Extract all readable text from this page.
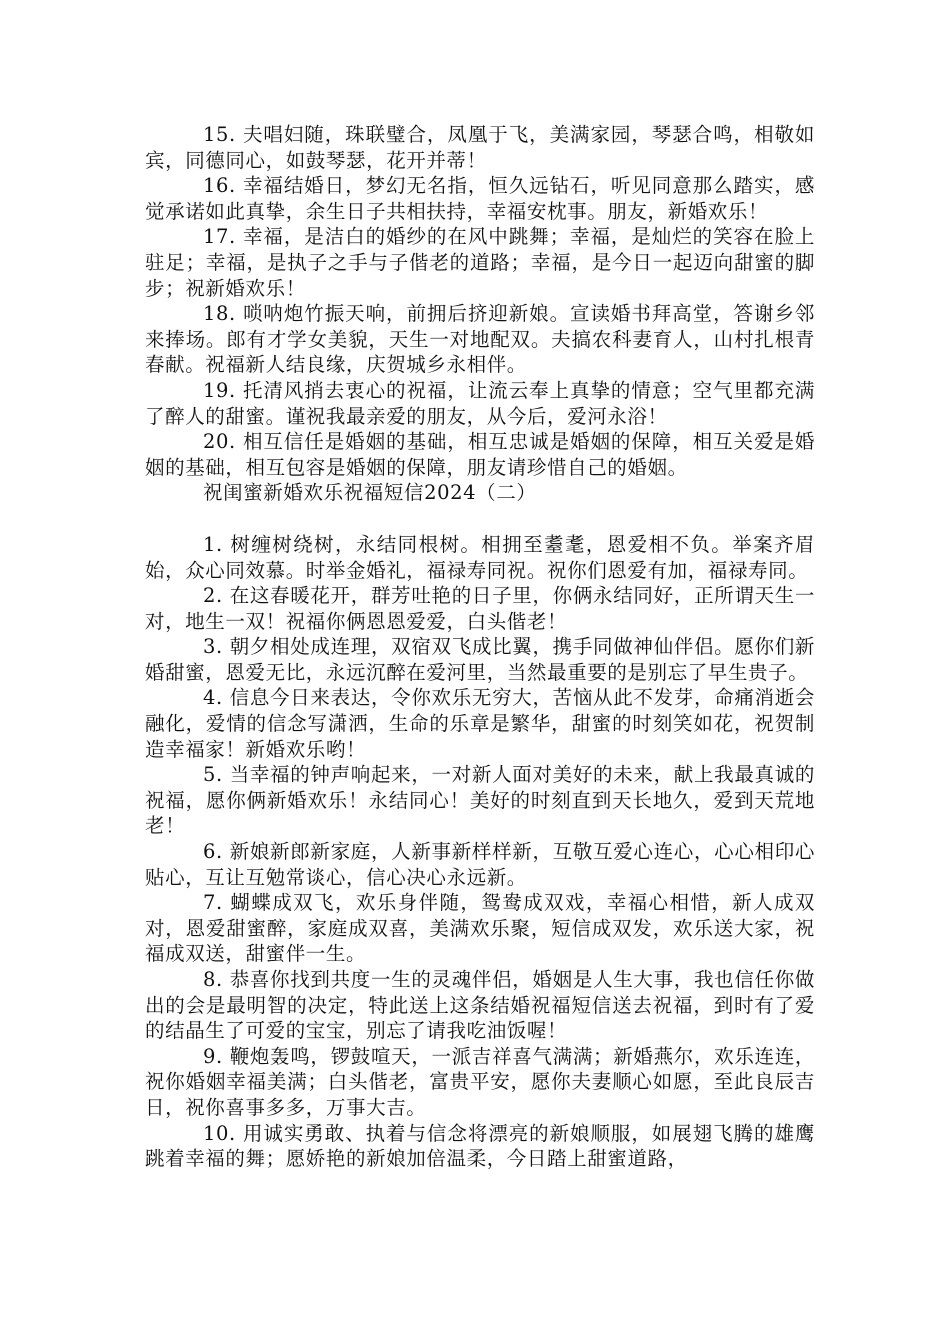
15. 夫唱妇随，珠联璧合，凤凰于飞，美满家园，琴瑟合鸣，相敬如宾，同德同心，如鼓琴瑟，花开并蒂！

16. 幸福结婚日，梦幻无名指，恒久远钻石，听见同意那么踏实，感觉承诺如此真挚，余生日子共相扶持，幸福安枕事。朋友，新婚欢乐！

17. 幸福，是洁白的婚纱的在风中跳舞；幸福，是灿烂的笑容在脸上驻足；幸福，是执子之手与子偕老的道路；幸福，是今日一起迈向甜蜜的脚步；祝新婚欢乐！

18. 唢呐炮竹振天响，前拥后挤迎新娘。宣读婚书拜高堂，答谢乡邻来捧场。郎有才学女美貌，天生一对地配双。夫搞农科妻育人，山村扎根青春献。祝福新人结良缘，庆贺城乡永相伴。

19. 托清风捎去衷心的祝福，让流云奉上真挚的情意；空气里都充满了醉人的甜蜜。谨祝我最亲爱的朋友，从今后，爱河永浴！

20. 相互信任是婚姻的基础，相互忠诚是婚姻的保障，相互关爱是婚姻的基础，相互包容是婚姻的保障，朋友请珍惜自己的婚姻。

祝闺蜜新婚欢乐祝福短信2024（二）

1. 树缠树绕树，永结同根树。相拥至耋耄，恩爱相不负。举案齐眉始，众心同效慕。时举金婚礼，福禄寿同祝。祝你们恩爱有加，福禄寿同。

2. 在这春暖花开，群芳吐艳的日子里，你俩永结同好，正所谓天生一对，地生一双！祝福你俩恩恩爱爱，白头偕老！

3. 朝夕相处成连理，双宿双飞成比翼，携手同做神仙伴侣。愿你们新婚甜蜜，恩爱无比，永远沉醉在爱河里，当然最重要的是别忘了早生贵子。

4. 信息今日来表达，令你欢乐无穷大，苦恼从此不发芽，命痛消逝会融化，爱情的信念写潇洒，生命的乐章是繁华，甜蜜的时刻笑如花，祝贺制造幸福家！新婚欢乐哟！

5. 当幸福的钟声响起来，一对新人面对美好的未来，献上我最真诚的祝福，愿你俩新婚欢乐！永结同心！美好的时刻直到天长地久，爱到天荒地老！

6. 新娘新郎新家庭，人新事新样样新，互敬互爱心连心，心心相印心贴心，互让互勉常谈心，信心决心永远新。

7. 蝴蝶成双飞，欢乐身伴随，鸳鸯成双戏，幸福心相惜，新人成双对，恩爱甜蜜醉，家庭成双喜，美满欢乐聚，短信成双发，欢乐送大家，祝福成双送，甜蜜伴一生。

8. 恭喜你找到共度一生的灵魂伴侣，婚姻是人生大事，我也信任你做出的会是最明智的决定，特此送上这条结婚祝福短信送去祝福，到时有了爱的结晶生了可爱的宝宝，别忘了请我吃油饭喔！

9. 鞭炮轰鸣，锣鼓喧天，一派吉祥喜气满满；新婚燕尔，欢乐连连，祝你婚姻幸福美满；白头偕老，富贵平安，愿你夫妻顺心如愿，至此良辰吉日，祝你喜事多多，万事大吉。

10. 用诚实勇敢、执着与信念将漂亮的新娘顺服，如展翅飞腾的雄鹰跳着幸福的舞；愿娇艳的新娘加倍温柔，今日踏上甜蜜道路，
